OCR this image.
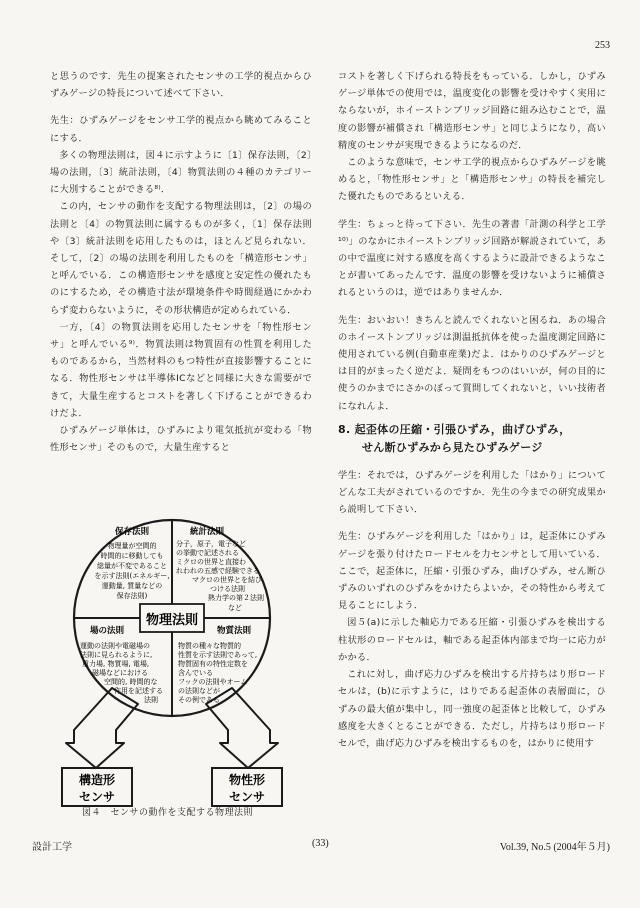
253

と思うのです．先生の提案されたセンサの工学的視点からひずみゲージの特長について述べて下さい．

先生：ひずみゲージをセンサ工学的視点から眺めてみることにする．

多くの物理法則は，図４に示すように〔1〕保存法則，〔2〕場の法則，〔3〕統計法則，〔4〕物質法則の４種のカテゴリーに大別することができる⁸⁾．

この内，センサの動作を支配する物理法則は，〔2〕の場の法則と〔4〕の物質法則に属するものが多く，〔1〕保存法則や〔3〕統計法則を応用したものは，ほとんど見られない．そして，〔2〕の場の法則を利用したものを「構造形センサ」と呼んでいる．この構造形センサを感度と安定性の優れたものにするため，その構造寸法が環境条件や時間経過にかかわらず変わらないように，その形状構造が定められている．

一方，〔4〕の物質法則を応用したセンサを「物性形センサ」と呼んでいる⁹⁾．物質法則は物質固有の性質を利用したものであるから，当然材料のもつ特性が直接影響することになる．物性形センサは半導体ICなどと同様に大きな需要ができて，大量生産するとコストを著しく下げることができるわけだよ．

ひずみゲージ単体は，ひずみにより電気抵抗が変わる「物性形センサ」そのもので，大量生産すると

コストを著しく下げられる特長をもっている．しかし，ひずみゲージ単体での使用では，温度変化の影響を受けやすく実用にならないが，ホイーストンブリッジ回路に組み込むことで，温度の影響が補償され「構造形センサ」と同じようになり，高い精度のセンサが実現できるようになるのだ．

このような意味で，センサ工学的視点からひずみゲージを眺めると，「物性形センサ」と「構造形センサ」の特長を補完した優れたものであるといえる．

学生：ちょっと待って下さい．先生の著書「計測の科学と工学¹⁰⁾」のなかにホイーストンブリッジ回路が解説されていて，あの中で温度に対する感度を高くするように設計できるようなことが書いてあったんです．温度の影響を受けないように補償されるというのは，逆ではありませんか．

先生：おいおい！きちんと読んでくれないと困るね．あの場合のホイーストンブリッジは測温抵抗体を使った温度測定回路に使用されている例(自動車産業)だよ．はかりのひずみゲージとは目的がまったく逆だよ．疑問をもつのはいいが，何の目的に使うのかまでにさかのぼって質問してくれないと，いい技術者になれんよ．

8. 起歪体の圧縮・引張ひずみ，曲げひずみ，
せん断ひずみから見たひずみゲージ

学生：それでは，ひずみゲージを利用した「はかり」についてどんな工夫がされているのですか．先生の今までの研究成果から説明して下さい．

先生：ひずみゲージを利用した「はかり」は，起歪体にひずみゲージを張り付けたロードセルを力センサとして用いている．ここで，起歪体に，圧縮・引張ひずみ，曲げひずみ，せん断ひずみのいずれのひずみをかけたらよいか，その特性から考えて見ることにしよう．

図５(a)に示した軸応力である圧縮・引張ひずみを検出する柱状形のロードセルは，軸である起歪体内部まで均一に応力がかかる．

これに対し，曲げ応力ひずみを検出する片持ちはり形ロードセルは，(b)に示すように，はりである起歪体の表層面に，ひずみの最大値が集中し，同一強度の起歪体と比較して，ひずみ感度を大きくとることができる．ただし，片持ちはり形ロードセルで，曲げ応力ひずみを検出するものを，はかりに使用す

物理法則
保存法則	統計法則
場の法則	物質法則
物理量が空間的
時間的に移動しても
総量が不変であること
を示す法則(エネルギー,
運動量, 質量などの
保存法則)
分子，原子，電子など
の挙動で記述される
ミクロの世界と直接わ
れわれの五感で経験できる
マクロの世界とを結び
つける法則
熱力学の第２法則
など
運動の法則や電磁場の
法則に見られるように,
重力場, 物質場, 電場,
磁場などにおける
空間的, 時間的な
作用を記述する
法則
物質の種々な物質的
性質を示す法則であって,
物質固有の特性定数を
含んでいる
フックの法則やオーム
の法則などが
その例である
構造形
センサ
物性形
センサ
図４　センサの動作を支配する物理法則
設計工学	(33)	Vol.39, No.5 (2004年５月)
